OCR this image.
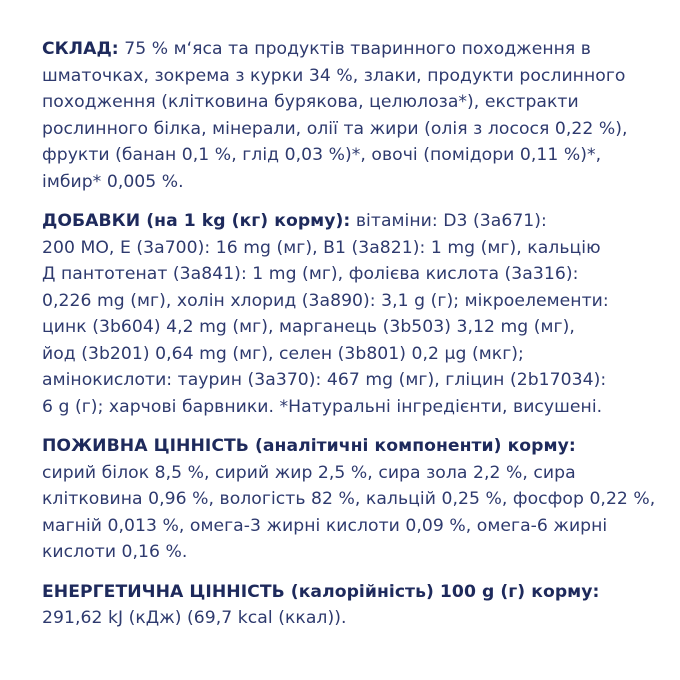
СКЛАД: 75 % м‘яса та продуктів тваринного походження в
шматочках, зокрема з курки 34 %, злаки, продукти рослинного
походження (клітковина бурякова, целюлоза*), екстракти
рослинного білка, мінерали, олії та жири (олія з лосося 0,22 %),
фрукти (банан 0,1 %, глід 0,03 %)*, овочі (помідори 0,11 %)*,
імбир* 0,005 %.

ДОБАВКИ (на 1 kg (кг) корму): вітаміни: D3 (3a671):
200 МО, Е (3a700): 16 mg (мг), B1 (3a821): 1 mg (мг), кальцію
Д пантотенат (3a841): 1 mg (мг), фолієва кислота (3a316):
0,226 mg (мг), холін хлорид (3a890): 3,1 g (г); мікроелементи:
цинк (3b604) 4,2 mg (мг), марганець (3b503) 3,12 mg (мг),
йод (3b201) 0,64 mg (мг), селен (3b801) 0,2 µg (мкг);
амінокислоти: таурин (3a370): 467 mg (мг), гліцин (2b17034):
6 g (г); харчові барвники. *Натуральні інгредієнти, висушені.

ПОЖИВНА ЦІННІСТЬ (аналітичні компоненти) корму:
сирий білок 8,5 %, сирий жир 2,5 %, сира зола 2,2 %, сира
клітковина 0,96 %, вологість 82 %, кальцій 0,25 %, фосфор 0,22 %,
магній 0,013 %, омега-3 жирні кислоти 0,09 %, омега-6 жирні
кислоти 0,16 %.

ЕНЕРГЕТИЧНА ЦІННІСТЬ (калорійність) 100 g (г) корму:
291,62 kJ (кДж) (69,7 kcal (ккал)).
